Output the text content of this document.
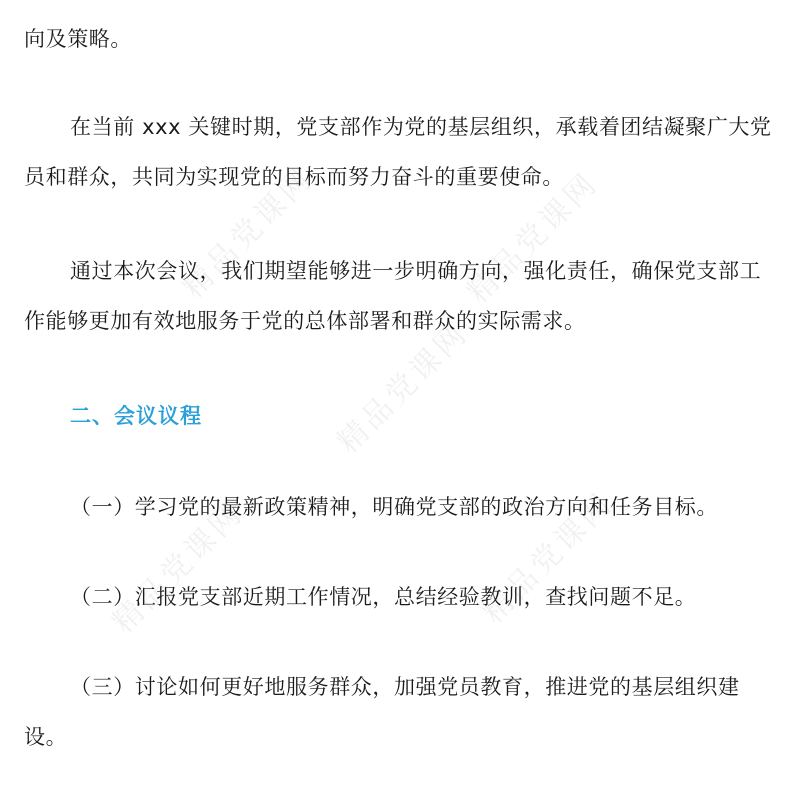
精品党课网	精品党课网
精品党课网
精品党课网	精品党课网

向及策略。

在当前 xxx 关键时期，党支部作为党的基层组织，承载着团结凝聚广大党员和群众，共同为实现党的目标而努力奋斗的重要使命。

通过本次会议，我们期望能够进一步明确方向，强化责任，确保党支部工作能够更加有效地服务于党的总体部署和群众的实际需求。

二、会议议程

（一）学习党的最新政策精神，明确党支部的政治方向和任务目标。

（二）汇报党支部近期工作情况，总结经验教训，查找问题不足。

（三）讨论如何更好地服务群众，加强党员教育，推进党的基层组织建设。
